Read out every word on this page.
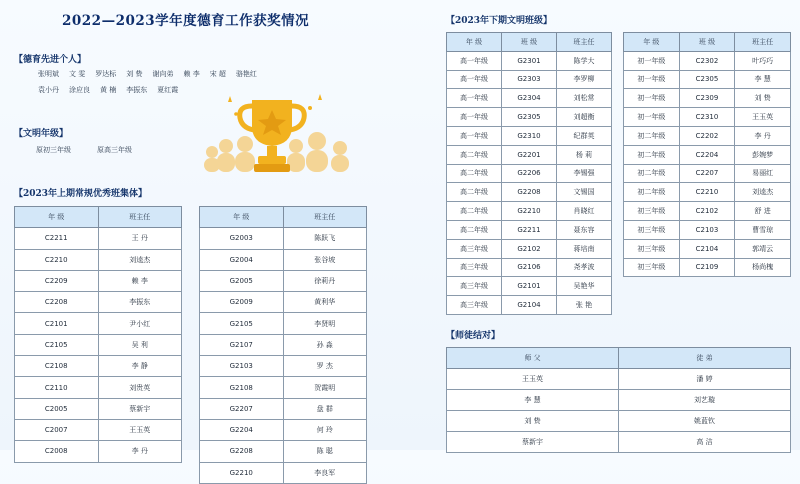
2022—2023学年度德育工作获奖情况
【德育先进个人】
张明斌 文 雯 罗达标 刘 贽 谢向弟 赖 李 宋 超 骆艳红
袁小丹 涂应良 黄 楠 李振东 夏红霞
【文明年级】
原初三年级	原高三年级
【2023年上期常规优秀班集体】
年 级	班主任
C2211	王 丹
C2210	刘逵杰
C2209	赖 李
C2208	李振东
C2101	尹小红
C2105	吴 利
C2108	李 静
C2110	刘贵英
C2005	蔡新宇
C2007	王玉英
C2008	李 丹
年 级	班主任
G2003	陈跃飞
G2004	张谷坡
G2005	徐莉丹
G2009	黄利华
G2105	李贤明
G2107	孙 淼
G2103	罗 杰
G2108	贺霞明
G2207	盘 群
G2204	何 玲
G2208	陈 聪
G2210	李良军
【2023年下期文明班级】
年 级	班 级	班主任
高一年级	G2301	陈学大
高一年级	G2303	李罗柳
高一年级	G2304	刘松常
高一年级	G2305	刘超衡
高一年级	G2310	纪群英
高二年级	G2201	杨 莉
高二年级	G2206	李锡强
高二年级	G2208	文锡国
高二年级	G2210	肖晓红
高二年级	G2211	聂东容
高三年级	G2102	蒋培南
高三年级	G2106	尧孝波
高三年级	G2101	吴艳华
高三年级	G2104	张 艳
年 级	班 级	班主任
初一年级	C2302	叶巧巧
初一年级	C2305	李 慧
初一年级	C2309	刘 贽
初一年级	C2310	王玉英
初二年级	C2202	李 丹
初二年级	C2204	彭婉梦
初二年级	C2207	易丽红
初二年级	C2210	刘逵杰
初三年级	C2102	舒 进
初三年级	C2103	曹雪琼
初三年级	C2104	郭靖云
初三年级	C2109	杨尚槐
【师徒结对】
师 父	徒 弟
王玉英	潘 婷
李 慧	刘艺璇
刘 贽	姚蓝钦
蔡新宇	高 洁
